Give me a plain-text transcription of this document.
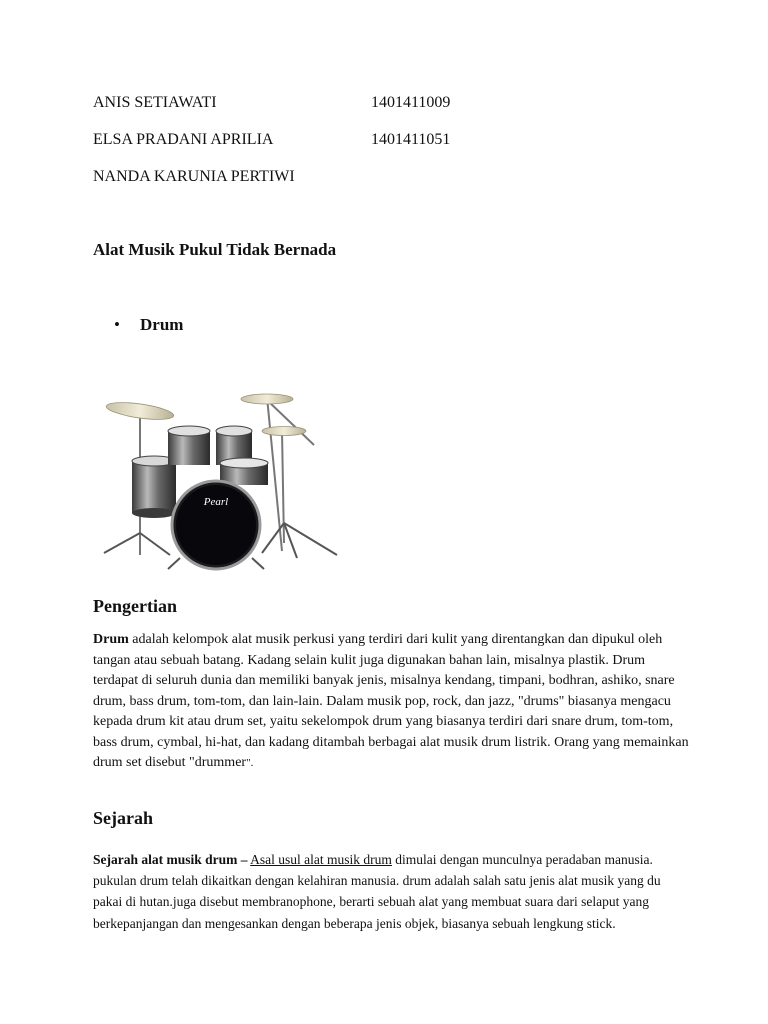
ANIS SETIAWATI	1401411009
ELSA PRADANI APRILIA	1401411051
NANDA KARUNIA PERTIWI
Alat Musik Pukul Tidak Bernada
• Drum
Pearl
Pengertian

Drum adalah kelompok alat musik perkusi yang terdiri dari kulit yang direntangkan dan dipukul oleh tangan atau sebuah batang. Kadang selain kulit juga digunakan bahan lain, misalnya plastik. Drum terdapat di seluruh dunia dan memiliki banyak jenis, misalnya kendang, timpani, bodhran, ashiko, snare drum, bass drum, tom-tom, dan lain-lain. Dalam musik pop, rock, dan jazz, "drums" biasanya mengacu kepada drum kit atau drum set, yaitu sekelompok drum yang biasanya terdiri dari snare drum, tom-tom, bass drum, cymbal, hi-hat, dan kadang ditambah berbagai alat musik drum listrik. Orang yang memainkan drum set disebut "drummer".

Sejarah

Sejarah alat musik drum – Asal usul alat musik drum dimulai dengan munculnya peradaban manusia. pukulan drum telah dikaitkan dengan kelahiran manusia. drum adalah salah satu jenis alat musik yang du pakai di hutan.juga disebut membranophone, berarti sebuah alat yang membuat suara dari selaput yang berkepanjangan dan mengesankan dengan beberapa jenis objek, biasanya sebuah lengkung stick.
